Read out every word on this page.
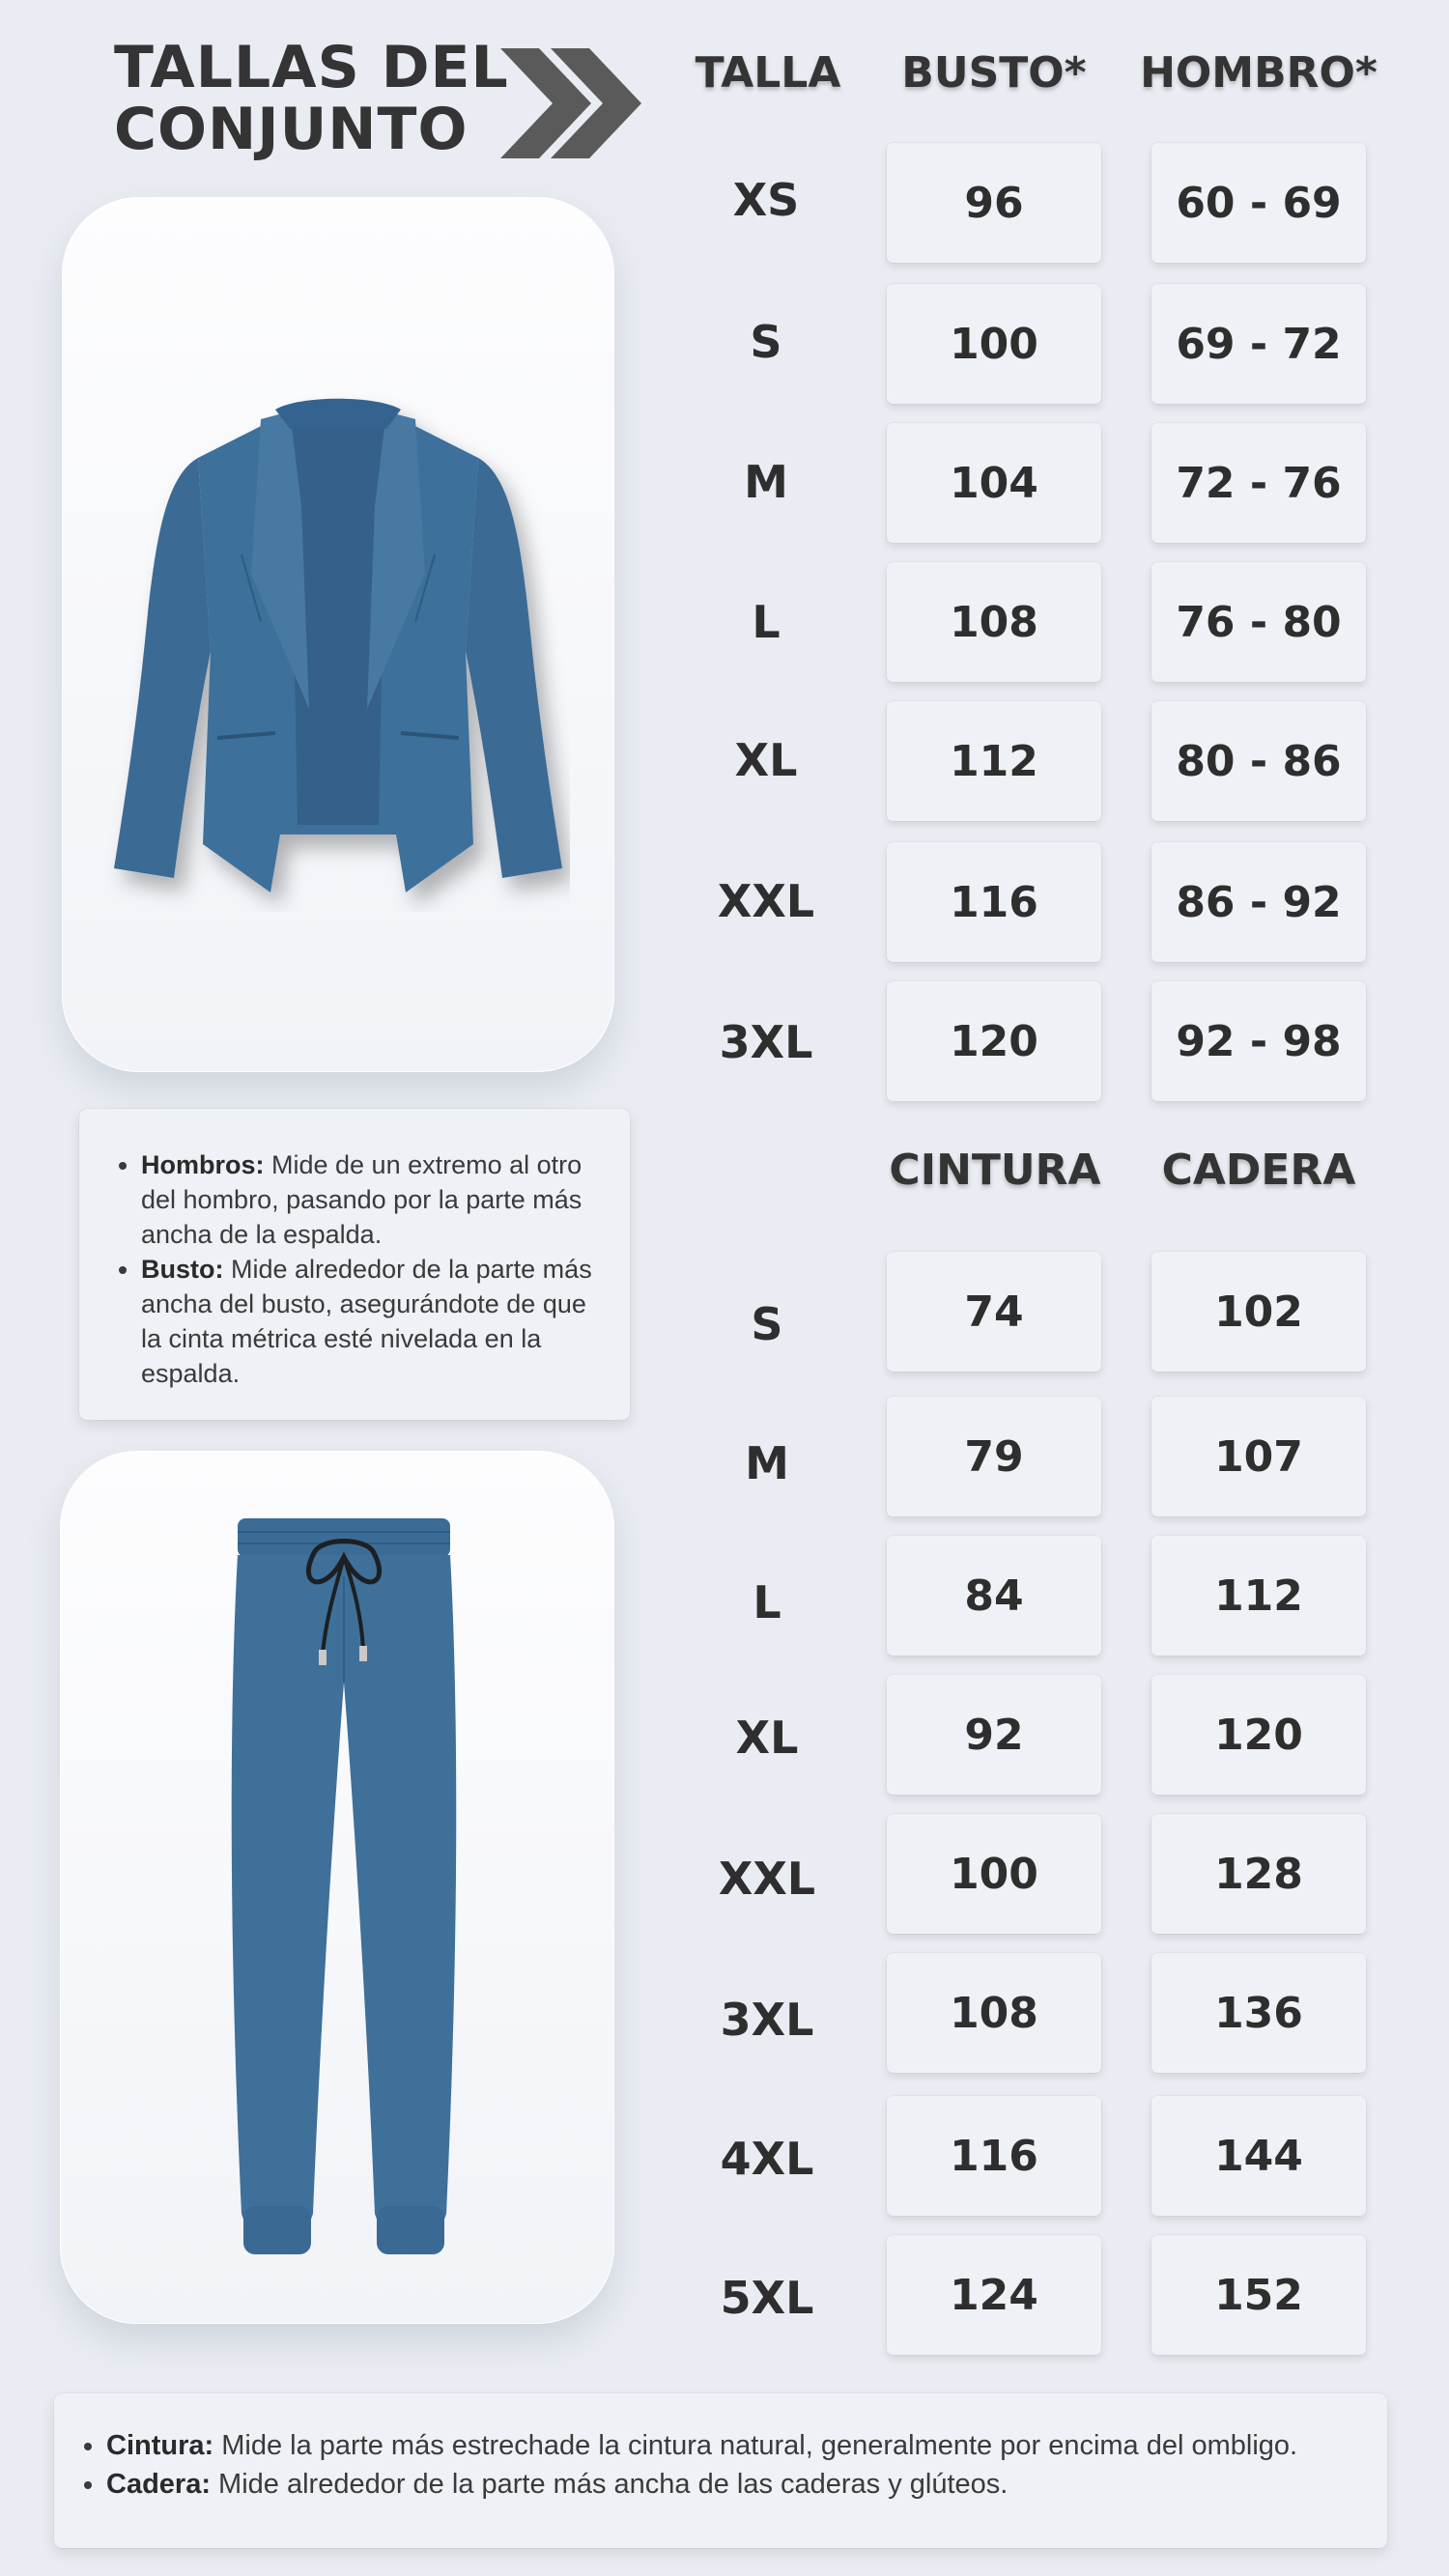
TALLAS DEL CONJUNTO
TALLA	BUSTO*	HOMBRO*
XS	96	60 - 69
S	100	69 - 72
M	104	72 - 76
L	108	76 - 80
XL	112	80 - 86
XXL	116	86 - 92
3XL	120	92 - 98
CINTURA	CADERA
S	74	102
M	79	107
L	84	112
XL	92	120
XXL	100	128
3XL	108	136
4XL	116	144
5XL	124	152
• Hombros: Mide de un extremo al otro del hombro, pasando por la parte más ancha de la espalda.
• Busto: Mide alrededor de la parte más ancha del busto, asegurándote de que la cinta métrica esté nivelada en la espalda.
• Cintura: Mide la parte más estrechade la cintura natural, generalmente por encima del ombligo.
• Cadera: Mide alrededor de la parte más ancha de las caderas y glúteos.
